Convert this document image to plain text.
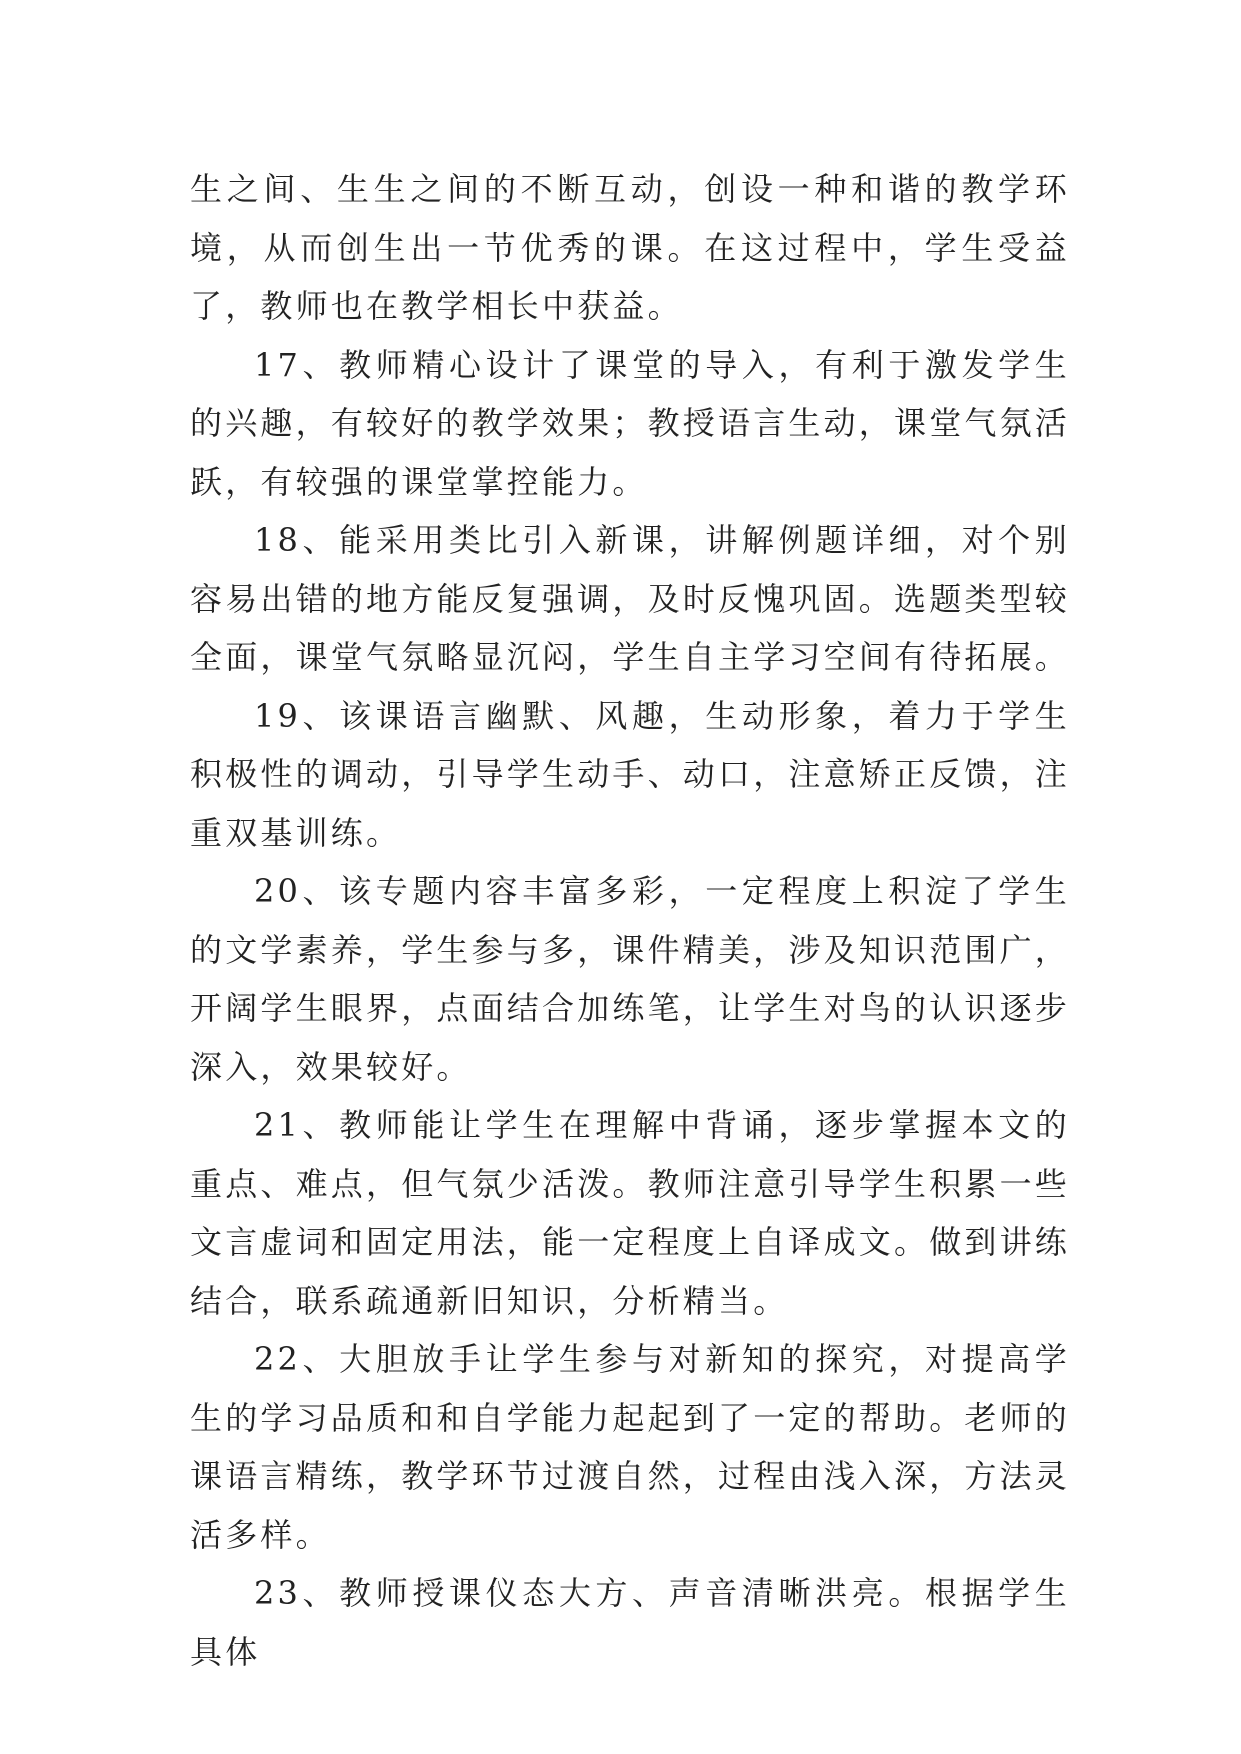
生之间、生生之间的不断互动，创设一种和谐的教学环境，从而创生出一节优秀的课。在这过程中，学生受益了，教师也在教学相长中获益。

17、教师精心设计了课堂的导入，有利于激发学生的兴趣，有较好的教学效果；教授语言生动，课堂气氛活跃，有较强的课堂掌控能力。

18、能采用类比引入新课，讲解例题详细，对个别容易出错的地方能反复强调，及时反愧巩固。选题类型较全面，课堂气氛略显沉闷，学生自主学习空间有待拓展。

19、该课语言幽默、风趣，生动形象，着力于学生积极性的调动，引导学生动手、动口，注意矫正反馈，注重双基训练。

20、该专题内容丰富多彩，一定程度上积淀了学生的文学素养，学生参与多，课件精美，涉及知识范围广，开阔学生眼界，点面结合加练笔，让学生对鸟的认识逐步深入，效果较好。

21、教师能让学生在理解中背诵，逐步掌握本文的重点、难点，但气氛少活泼。教师注意引导学生积累一些文言虚词和固定用法，能一定程度上自译成文。做到讲练结合，联系疏通新旧知识，分析精当。

22、大胆放手让学生参与对新知的探究，对提高学生的学习品质和和自学能力起起到了一定的帮助。老师的课语言精练，教学环节过渡自然，过程由浅入深，方法灵活多样。

23、教师授课仪态大方、声音清晰洪亮。根据学生具体
